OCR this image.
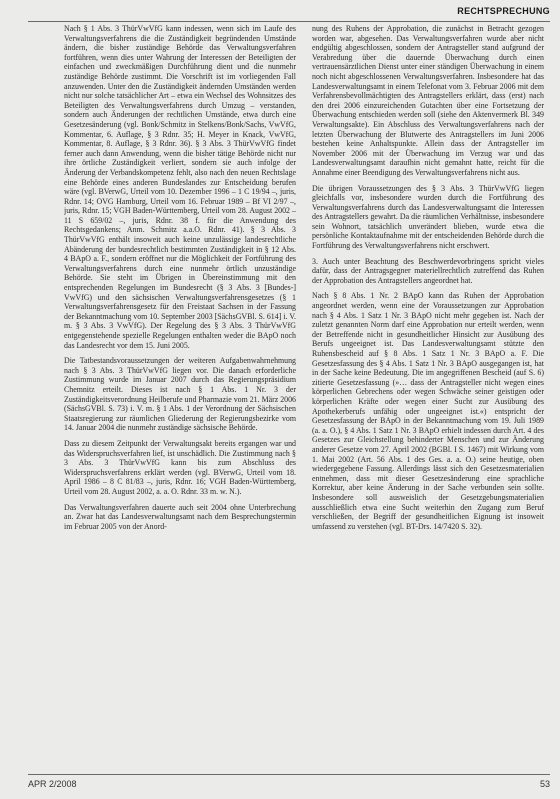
RECHTSPRECHUNG

Nach § 1 Abs. 3 ThürVwVfG kann indessen, wenn sich im Laufe des Verwaltungsverfahrens die die Zuständigkeit begründenden Umstände ändern, die bisher zuständige Behörde das Verwaltungsverfahren fortführen, wenn dies unter Wahrung der Interessen der Beteiligten der einfachen und zweckmäßigen Durchführung dient und die nunmehr zuständige Behörde zustimmt. Die Vorschrift ist im vorliegenden Fall anzuwenden. Unter den die Zuständigkeit ändernden Umständen werden nicht nur solche tatsächlicher Art – etwa ein Wechsel des Wohnsitzes des Beteiligten des Verwaltungsverfahrens durch Umzug – verstanden, sondern auch Änderungen der rechtlichen Umstände, etwa durch eine Gesetzesänderung (vgl. Bonk/Schmitz in Stelkens/Bonk/Sachs, VwVfG, Kommentar, 6. Auflage, § 3 Rdnr. 35; H. Meyer in Knack, VwVfG, Kommentar, 8. Auflage, § 3 Rdnr. 36). § 3 Abs. 3 ThürVwVfG findet ferner auch dann Anwendung, wenn die bisher tätige Behörde nicht nur ihre örtliche Zuständigkeit verliert, sondern sie auch infolge der Änderung der Verbandskompetenz fehlt, also nach den neuen Rechtslage eine Behörde eines anderen Bundeslandes zur Entscheidung berufen wäre (vgl. BVerwG, Urteil vom 10. Dezember 1996 – 1 C 19/94 –, juris, Rdnr. 14; OVG Hamburg, Urteil vom 16. Februar 1989 – Bf VI 2/97 –, juris, Rdnr. 15; VGH Baden-Württemberg, Urteil vom 28. August 2002 – 11 S 659/02 –, juris, Rdnr. 38 f. für die Anwendung des Rechtsgedankens; Anm. Schmitz a.a.O. Rdnr. 41). § 3 Abs. 3 ThürVwVfG enthält insoweit auch keine unzulässige landesrechtliche Abänderung der bundesrechtlich bestimmten Zuständigkeit in § 12 Abs. 4 BApO a. F., sondern eröffnet nur die Möglichkeit der Fortführung des Verwaltungsverfahrens durch eine nunmehr örtlich unzuständige Behörde. Sie steht im Übrigen in Übereinstimmung mit den entsprechenden Regelungen im Bundesrecht (§ 3 Abs. 3 [Bundes-] VwVfG) und den sächsischen Verwaltungsverfahrensgesetzes (§ 1 Verwaltungsverfahrensgesetz für den Freistaat Sachsen in der Fassung der Bekanntmachung vom 10. September 2003 [SächsGVBl. S. 614] i. V. m. § 3 Abs. 3 VwVfG). Der Regelung des § 3 Abs. 3 ThürVwVfG entgegenstehende spezielle Regelungen enthalten weder die BApO noch das Landesrecht vor dem 15. Juni 2005.

Die Tatbestandsvoraussetzungen der weiteren Aufgabenwahrnehmung nach § 3 Abs. 3 ThürVwVfG liegen vor. Die danach erforderliche Zustimmung wurde im Januar 2007 durch das Regierungspräsidium Chemnitz erteilt. Dieses ist nach § 1 Abs. 1 Nr. 3 der Zuständigkeitsverordnung Heilberufe und Pharmazie vom 21. März 2006 (SächsGVBl. S. 73) i. V. m. § 1 Abs. 1 der Verordnung der Sächsischen Staatsregierung zur räumlichen Gliederung der Regierungsbezirke vom 14. Januar 2004 die nunmehr zuständige sächsische Behörde.

Dass zu diesem Zeitpunkt der Verwaltungsakt bereits ergangen war und das Widerspruchsverfahren lief, ist unschädlich. Die Zustimmung nach § 3 Abs. 3 ThürVwVfG kann bis zum Abschluss des Widerspruchsverfahrens erklärt werden (vgl. BVerwG, Urteil vom 18. April 1986 – 8 C 81/83 –, juris, Rdnr. 16; VGH Baden-Württemberg, Urteil vom 28. August 2002, a. a. O. Rdnr. 33 m. w. N.).

Das Verwaltungsverfahren dauerte auch seit 2004 ohne Unterbrechung an. Zwar hat das Landesverwaltungsamt nach dem Besprechungstermin im Februar 2005 von der Anord-

nung des Ruhens der Approbation, die zunächst in Betracht gezogen worden war, abgesehen. Das Verwaltungsverfahren wurde aber nicht endgültig abgeschlossen, sondern der Antragsteller stand aufgrund der Verabredung über die dauernde Überwachung durch einen vertrauensärztlichen Dienst unter einer ständigen Überwachung in einem noch nicht abgeschlossenen Verwaltungsverfahren. Insbesondere hat das Landesverwaltungsamt in einem Telefonat vom 3. Februar 2006 mit dem Verfahrensbevollmächtigten des Antragstellers erklärt, dass (erst) nach den drei 2006 einzureichenden Gutachten über eine Fortsetzung der Überwachung entschieden werden soll (siehe den Aktenvermerk Bl. 349 Verwaltungsakte). Ein Abschluss des Verwaltungsverfahrens nach der letzten Überwachung der Blutwerte des Antragstellers im Juni 2006 bestehen keine Anhaltspunkte. Allein dass der Antragsteller im November 2006 mit der Überwachung im Verzug war und das Landesverwaltungsamt daraufhin nicht gemahnt hatte, reicht für die Annahme einer Beendigung des Verwaltungsverfahrens nicht aus.

Die übrigen Voraussetzungen des § 3 Abs. 3 ThürVwVfG liegen gleichfalls vor, insbesondere wurden durch die Fortführung des Verwaltungsverfahrens durch das Landesverwaltungsamt die Interessen des Antragstellers gewahrt. Da die räumlichen Verhältnisse, insbesondere sein Wohnort, tatsächlich unverändert blieben, wurde etwa die persönliche Kontaktaufnahme mit der entscheidenden Behörde durch die Fortführung des Verwaltungsverfahrens nicht erschwert.

3. Auch unter Beachtung des Beschwerdevorbringens spricht vieles dafür, dass der Antragsgegner materiellrechtlich zutreffend das Ruhen der Approbation des Antragstellers angeordnet hat.

Nach § 8 Abs. 1 Nr. 2 BApO kann das Ruhen der Approbation angeordnet werden, wenn eine der Voraussetzungen zur Approbation nach § 4 Abs. 1 Satz 1 Nr. 3 BApO nicht mehr gegeben ist. Nach der zuletzt genannten Norm darf eine Approbation nur erteilt werden, wenn der Betreffende nicht in gesundheitlicher Hinsicht zur Ausübung des Berufs ungeeignet ist. Das Landesverwaltungsamt stützte den Ruhensbescheid auf § 8 Abs. 1 Satz 1 Nr. 3 BApO a. F. Die Gesetzesfassung des § 4 Abs. 1 Satz 1 Nr. 3 BApO ausgegangen ist, hat in der Sache keine Bedeutung. Die im angegriffenen Bescheid (auf S. 6) zitierte Gesetzesfassung (»… dass der Antragsteller nicht wegen eines körperlichen Gebrechens oder wegen Schwäche seiner geistigen oder körperlichen Kräfte oder wegen einer Sucht zur Ausübung des Apothekerberufs unfähig oder ungeeignet ist.«) entspricht der Gesetzesfassung der BApO in der Bekanntmachung vom 19. Juli 1989 (a. a. O.), § 4 Abs. 1 Satz 1 Nr. 3 BApO erhielt indessen durch Art. 4 des Gesetzes zur Gleichstellung behinderter Menschen und zur Änderung anderer Gesetze vom 27. April 2002 (BGBl. I S. 1467) mit Wirkung vom 1. Mai 2002 (Art. 56 Abs. 1 des Ges. a. a. O.) seine heutige, oben wiedergegebene Fassung. Allerdings lässt sich den Gesetzesmaterialien entnehmen, dass mit dieser Gesetzesänderung eine sprachliche Korrektur, aber keine Änderung in der Sache verbunden sein sollte. Insbesondere soll ausweislich der Gesetzgebungsmaterialien ausschließlich etwa eine Sucht weiterhin den Zugang zum Beruf verschließen, der Begriff der gesundheitlichen Eignung ist insoweit umfassend zu verstehen (vgl. BT-Drs. 14/7420 S. 32).

APR 2/2008	53
